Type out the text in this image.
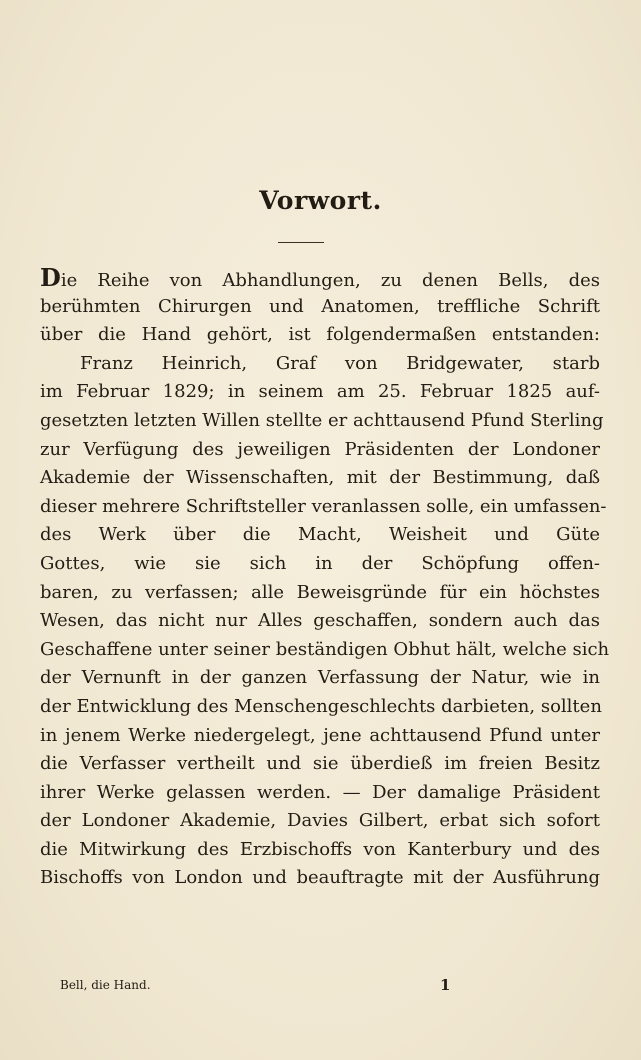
Vorwort.
Die Reihe von Abhandlungen, zu denen Bells, des
berühmten Chirurgen und Anatomen, treffliche Schrift
über die Hand gehört, ist folgendermaßen entstanden:
Franz Heinrich, Graf von Bridgewater, starb
im Februar 1829; in seinem am 25. Februar 1825 auf-
gesetzten letzten Willen stellte er achttausend Pfund Sterling
zur Verfügung des jeweiligen Präsidenten der Londoner
Akademie der Wissenschaften, mit der Bestimmung, daß
dieser mehrere Schriftsteller veranlassen solle, ein umfassen-
des Werk über die Macht, Weisheit und Güte
Gottes, wie sie sich in der Schöpfung offen-
baren, zu verfassen; alle Beweisgründe für ein höchstes
Wesen, das nicht nur Alles geschaffen, sondern auch das
Geschaffene unter seiner beständigen Obhut hält, welche sich
der Vernunft in der ganzen Verfassung der Natur, wie in
der Entwicklung des Menschengeschlechts darbieten, sollten
in jenem Werke niedergelegt, jene achttausend Pfund unter
die Verfasser vertheilt und sie überdieß im freien Besitz
ihrer Werke gelassen werden. — Der damalige Präsident
der Londoner Akademie, Davies Gilbert, erbat sich sofort
die Mitwirkung des Erzbischoffs von Kanterbury und des
Bischoffs von London und beauftragte mit der Ausführung
Bell, die Hand.	1
